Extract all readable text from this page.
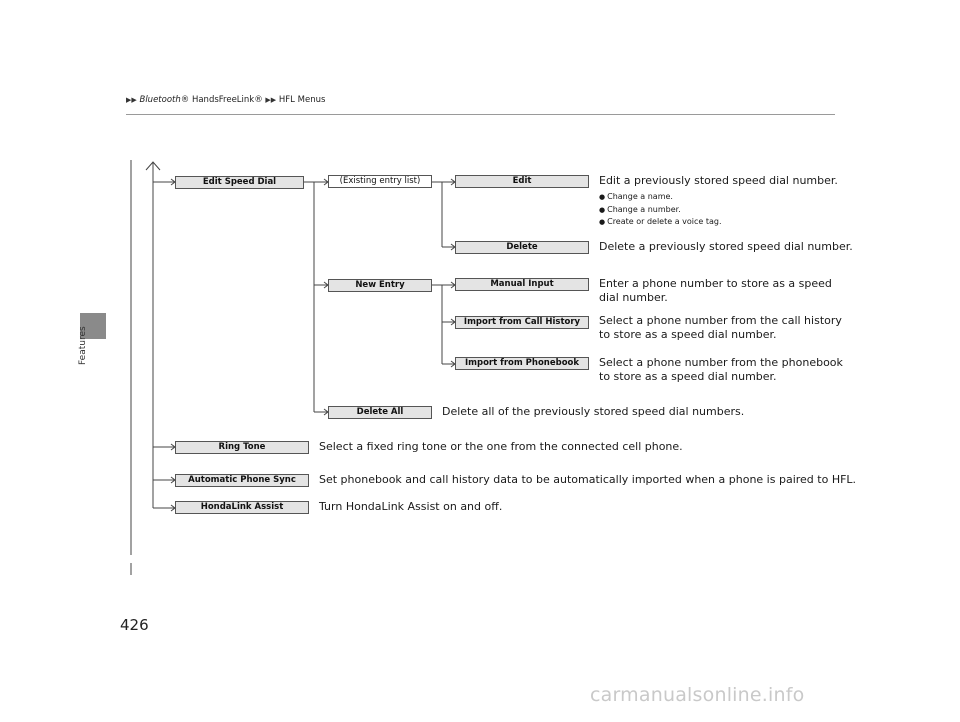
▶▶ Bluetooth® HandsFreeLink® ▶▶ HFL Menus
Features
Edit Speed Dial	(Existing entry list)	Edit
Delete
New Entry	Manual Input
Import from Call History
Import from Phonebook
Delete All
Ring Tone
Automatic Phone Sync
HondaLink Assist
Edit a previously stored speed dial number.
● Change a name.
● Change a number.
● Create or delete a voice tag.
Delete a previously stored speed dial number.
Enter a phone number to store as a speed
dial number.
Select a phone number from the call history
to store as a speed dial number.
Select a phone number from the phonebook
to store as a speed dial number.
Delete all of the previously stored speed dial numbers.
Select a fixed ring tone or the one from the connected cell phone.
Set phonebook and call history data to be automatically imported when a phone is paired to HFL.
Turn HondaLink Assist on and off.
426
carmanualsonline.info
